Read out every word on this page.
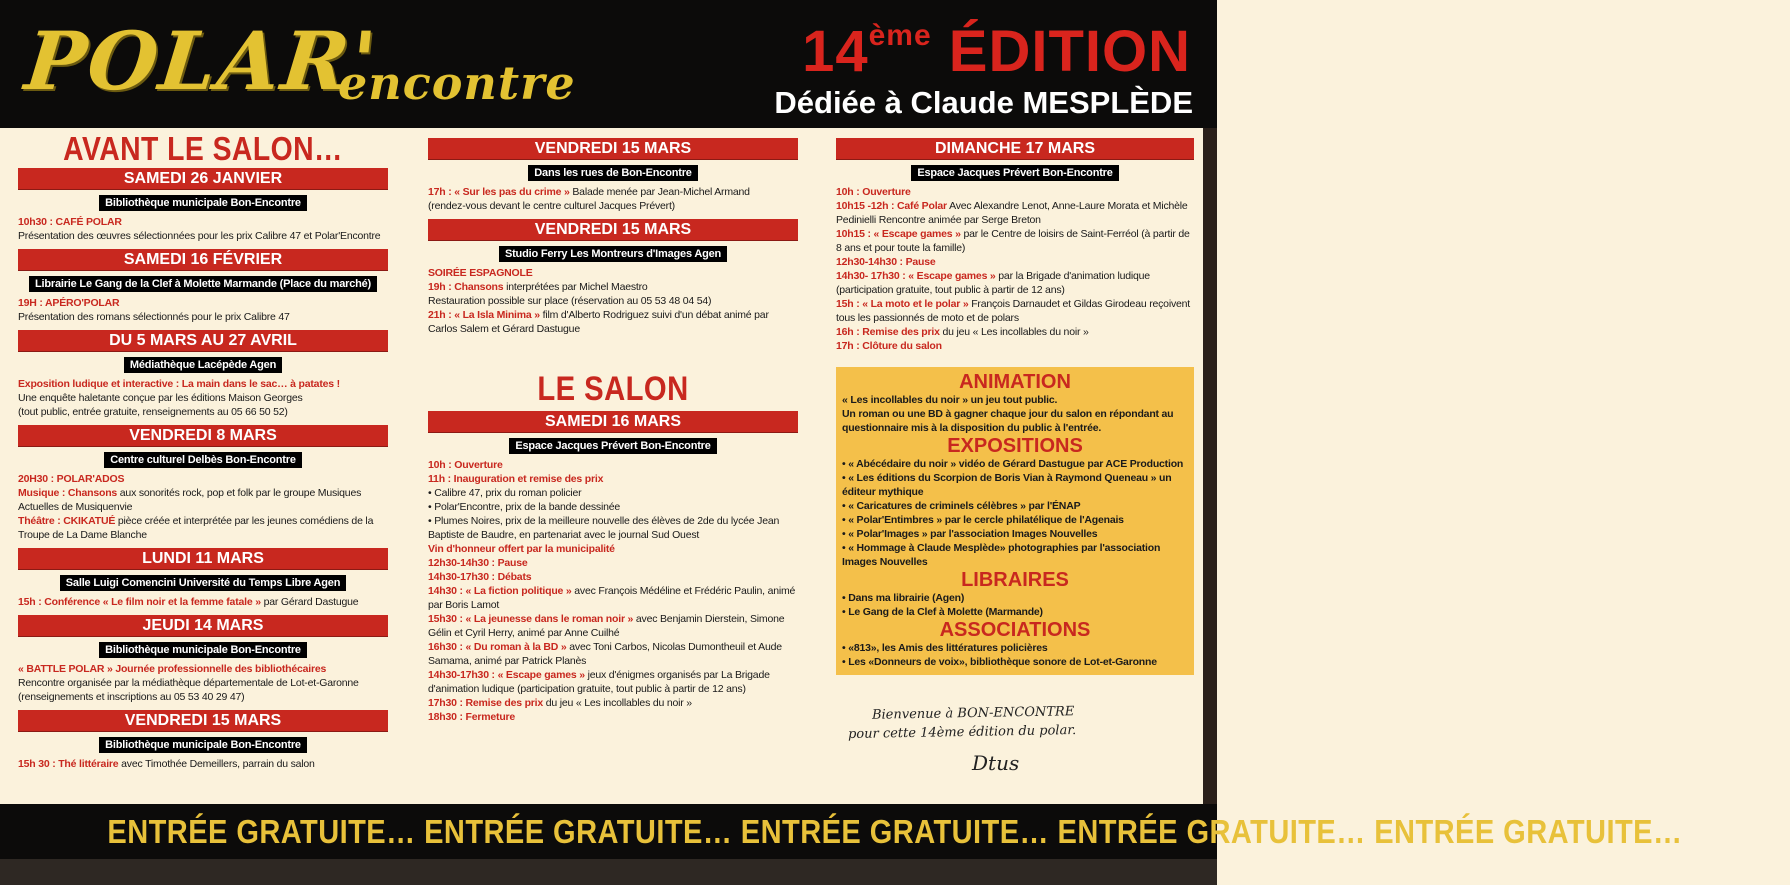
POLAR'
encontre	14ème ÉDITION
Dédiée à Claude MESPLÈDE
AVANT LE SALON…
SAMEDI 26 JANVIER
Bibliothèque municipale Bon-Encontre
10h30 : CAFÉ POLAR
Présentation des œuvres sélectionnées pour les prix Calibre 47 et Polar'Encontre
SAMEDI 16 FÉVRIER
Librairie Le Gang de la Clef à Molette Marmande (Place du marché)
19H : APÉRO'POLAR
Présentation des romans sélectionnés pour le prix Calibre 47
DU 5 MARS AU 27 AVRIL
Médiathèque Lacépède Agen
Exposition ludique et interactive : La main dans le sac… à patates !
Une enquête haletante conçue par les éditions Maison Georges
(tout public, entrée gratuite, renseignements au 05 66 50 52)
VENDREDI 8 MARS
Centre culturel Delbès Bon-Encontre
20H30 : POLAR'ADOS
Musique : Chansons aux sonorités rock, pop et folk par le groupe Musiques Actuelles de Musiquenvie
Théâtre : CKIKATUÉ pièce créée et interprétée par les jeunes comédiens de la Troupe de La Dame Blanche
LUNDI 11 MARS
Salle Luigi Comencini Université du Temps Libre Agen
15h : Conférence « Le film noir et la femme fatale » par Gérard Dastugue
JEUDI 14 MARS
Bibliothèque municipale Bon-Encontre
« BATTLE POLAR » Journée professionnelle des bibliothécaires
Rencontre organisée par la médiathèque départementale de Lot-et-Garonne
(renseignements et inscriptions au 05 53 40 29 47)
VENDREDI 15 MARS
Bibliothèque municipale Bon-Encontre
15h 30 : Thé littéraire avec Timothée Demeillers, parrain du salon
VENDREDI 15 MARS
Dans les rues de Bon-Encontre
17h : « Sur les pas du crime » Balade menée par Jean-Michel Armand
(rendez-vous devant le centre culturel Jacques Prévert)
VENDREDI 15 MARS
Studio Ferry Les Montreurs d'Images Agen
SOIRÉE ESPAGNOLE
19h : Chansons interprétées par Michel Maestro
Restauration possible sur place (réservation au 05 53 48 04 54)
21h : « La Isla Minima » film d'Alberto Rodriguez suivi d'un débat animé par Carlos Salem et Gérard Dastugue
LE SALON
SAMEDI 16 MARS
Espace Jacques Prévert Bon-Encontre
10h : Ouverture
11h : Inauguration et remise des prix
• Calibre 47, prix du roman policier
• Polar'Encontre, prix de la bande dessinée
• Plumes Noires, prix de la meilleure nouvelle des élèves de 2de du lycée Jean Baptiste de Baudre, en partenariat avec le journal Sud Ouest
Vin d'honneur offert par la municipalité
12h30-14h30 : Pause
14h30-17h30 : Débats
14h30 : « La fiction politique » avec François Médéline et Frédéric Paulin, animé par Boris Lamot
15h30 : « La jeunesse dans le roman noir » avec Benjamin Dierstein, Simone Gélin et Cyril Herry, animé par Anne Cuilhé
16h30 : « Du roman à la BD » avec Toni Carbos, Nicolas Dumontheuil et Aude Samama, animé par Patrick Planès
14h30-17h30 : « Escape games » jeux d'énigmes organisés par La Brigade d'animation ludique (participation gratuite, tout public à partir de 12 ans)
17h30 : Remise des prix du jeu « Les incollables du noir »
18h30 : Fermeture
DIMANCHE 17 MARS
Espace Jacques Prévert Bon-Encontre
10h : Ouverture
10h15 -12h : Café Polar Avec Alexandre Lenot, Anne-Laure Morata et Michèle Pedinielli Rencontre animée par Serge Breton
10h15 : « Escape games » par le Centre de loisirs de Saint-Ferréol (à partir de 8 ans et pour toute la famille)
12h30-14h30 : Pause
14h30- 17h30 : « Escape games » par la Brigade d'animation ludique (participation gratuite, tout public à partir de 12 ans)
15h : « La moto et le polar » François Darnaudet et Gildas Girodeau reçoivent tous les passionnés de moto et de polars
16h : Remise des prix du jeu « Les incollables du noir »
17h : Clôture du salon
ANIMATION
« Les incollables du noir » un jeu tout public.
Un roman ou une BD à gagner chaque jour du salon en répondant au questionnaire mis à la disposition du public à l'entrée.
EXPOSITIONS
• « Abécédaire du noir » vidéo de Gérard Dastugue par ACE Production
• « Les éditions du Scorpion de Boris Vian à Raymond Queneau » un éditeur mythique
• « Caricatures de criminels célèbres » par l'ÉNAP
• « Polar'Entimbres » par le cercle philatélique de l'Agenais
• « Polar'Images » par l'association Images Nouvelles
• « Hommage à Claude Mesplède» photographies par l'association Images Nouvelles
LIBRAIRES
• Dans ma librairie (Agen)
• Le Gang de la Clef à Molette (Marmande)
ASSOCIATIONS
• «813», les Amis des littératures policières
• Les «Donneurs de voix», bibliothèque sonore de Lot-et-Garonne
Bienvenue à BON-ENCONTRE
pour cette 14ème édition du polar.
Dtus
ENTRÉE GRATUITE… ENTRÉE GRATUITE… ENTRÉE GRATUITE… ENTRÉE GRATUITE… ENTRÉE GRATUITE…
